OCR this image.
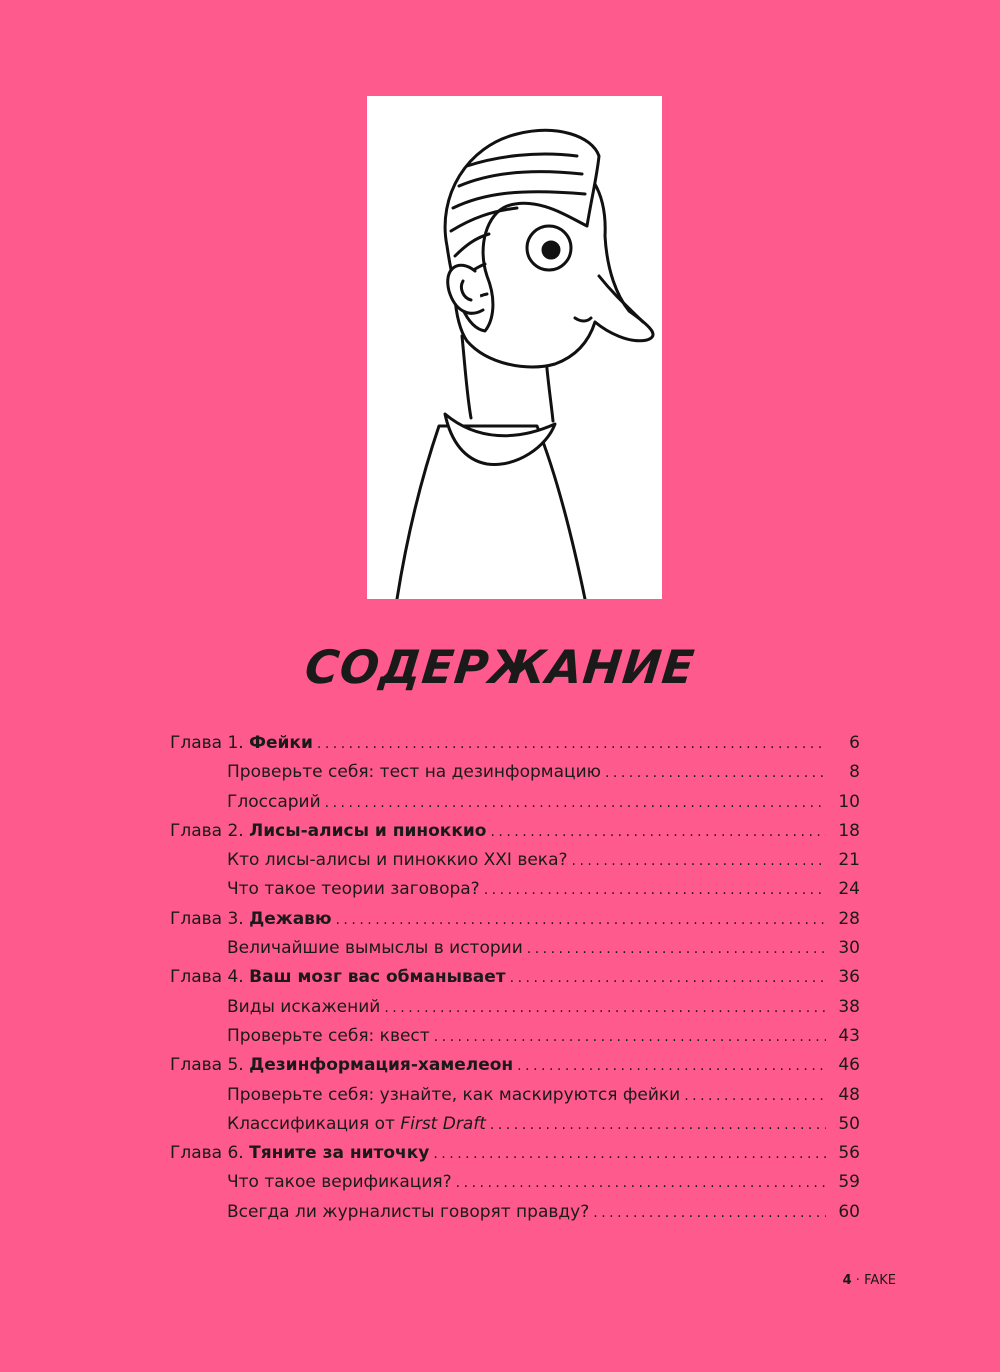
СОДЕРЖАНИЕ
Глава 1. Фейки .....	6
Проверьте себя: тест на дезинформацию .....	8
Глоссарий .....	10
Глава 2. Лисы-алисы и пиноккио .....	18
Кто лисы-алисы и пиноккио XXI века? .....	21
Что такое теории заговора? .....	24
Глава 3. Дежавю .....	28
Величайшие вымыслы в истории .....	30
Глава 4. Ваш мозг вас обманывает .....	36
Виды искажений .....	38
Проверьте себя: квест .....	43
Глава 5. Дезинформация-хамелеон .....	46
Проверьте себя: узнайте, как маскируются фейки .....	48
Классификация от First Draft .....	50
Глава 6. Тяните за ниточку .....	56
Что такое верификация? .....	59
Всегда ли журналисты говорят правду? .....	60
4 · FAKE
